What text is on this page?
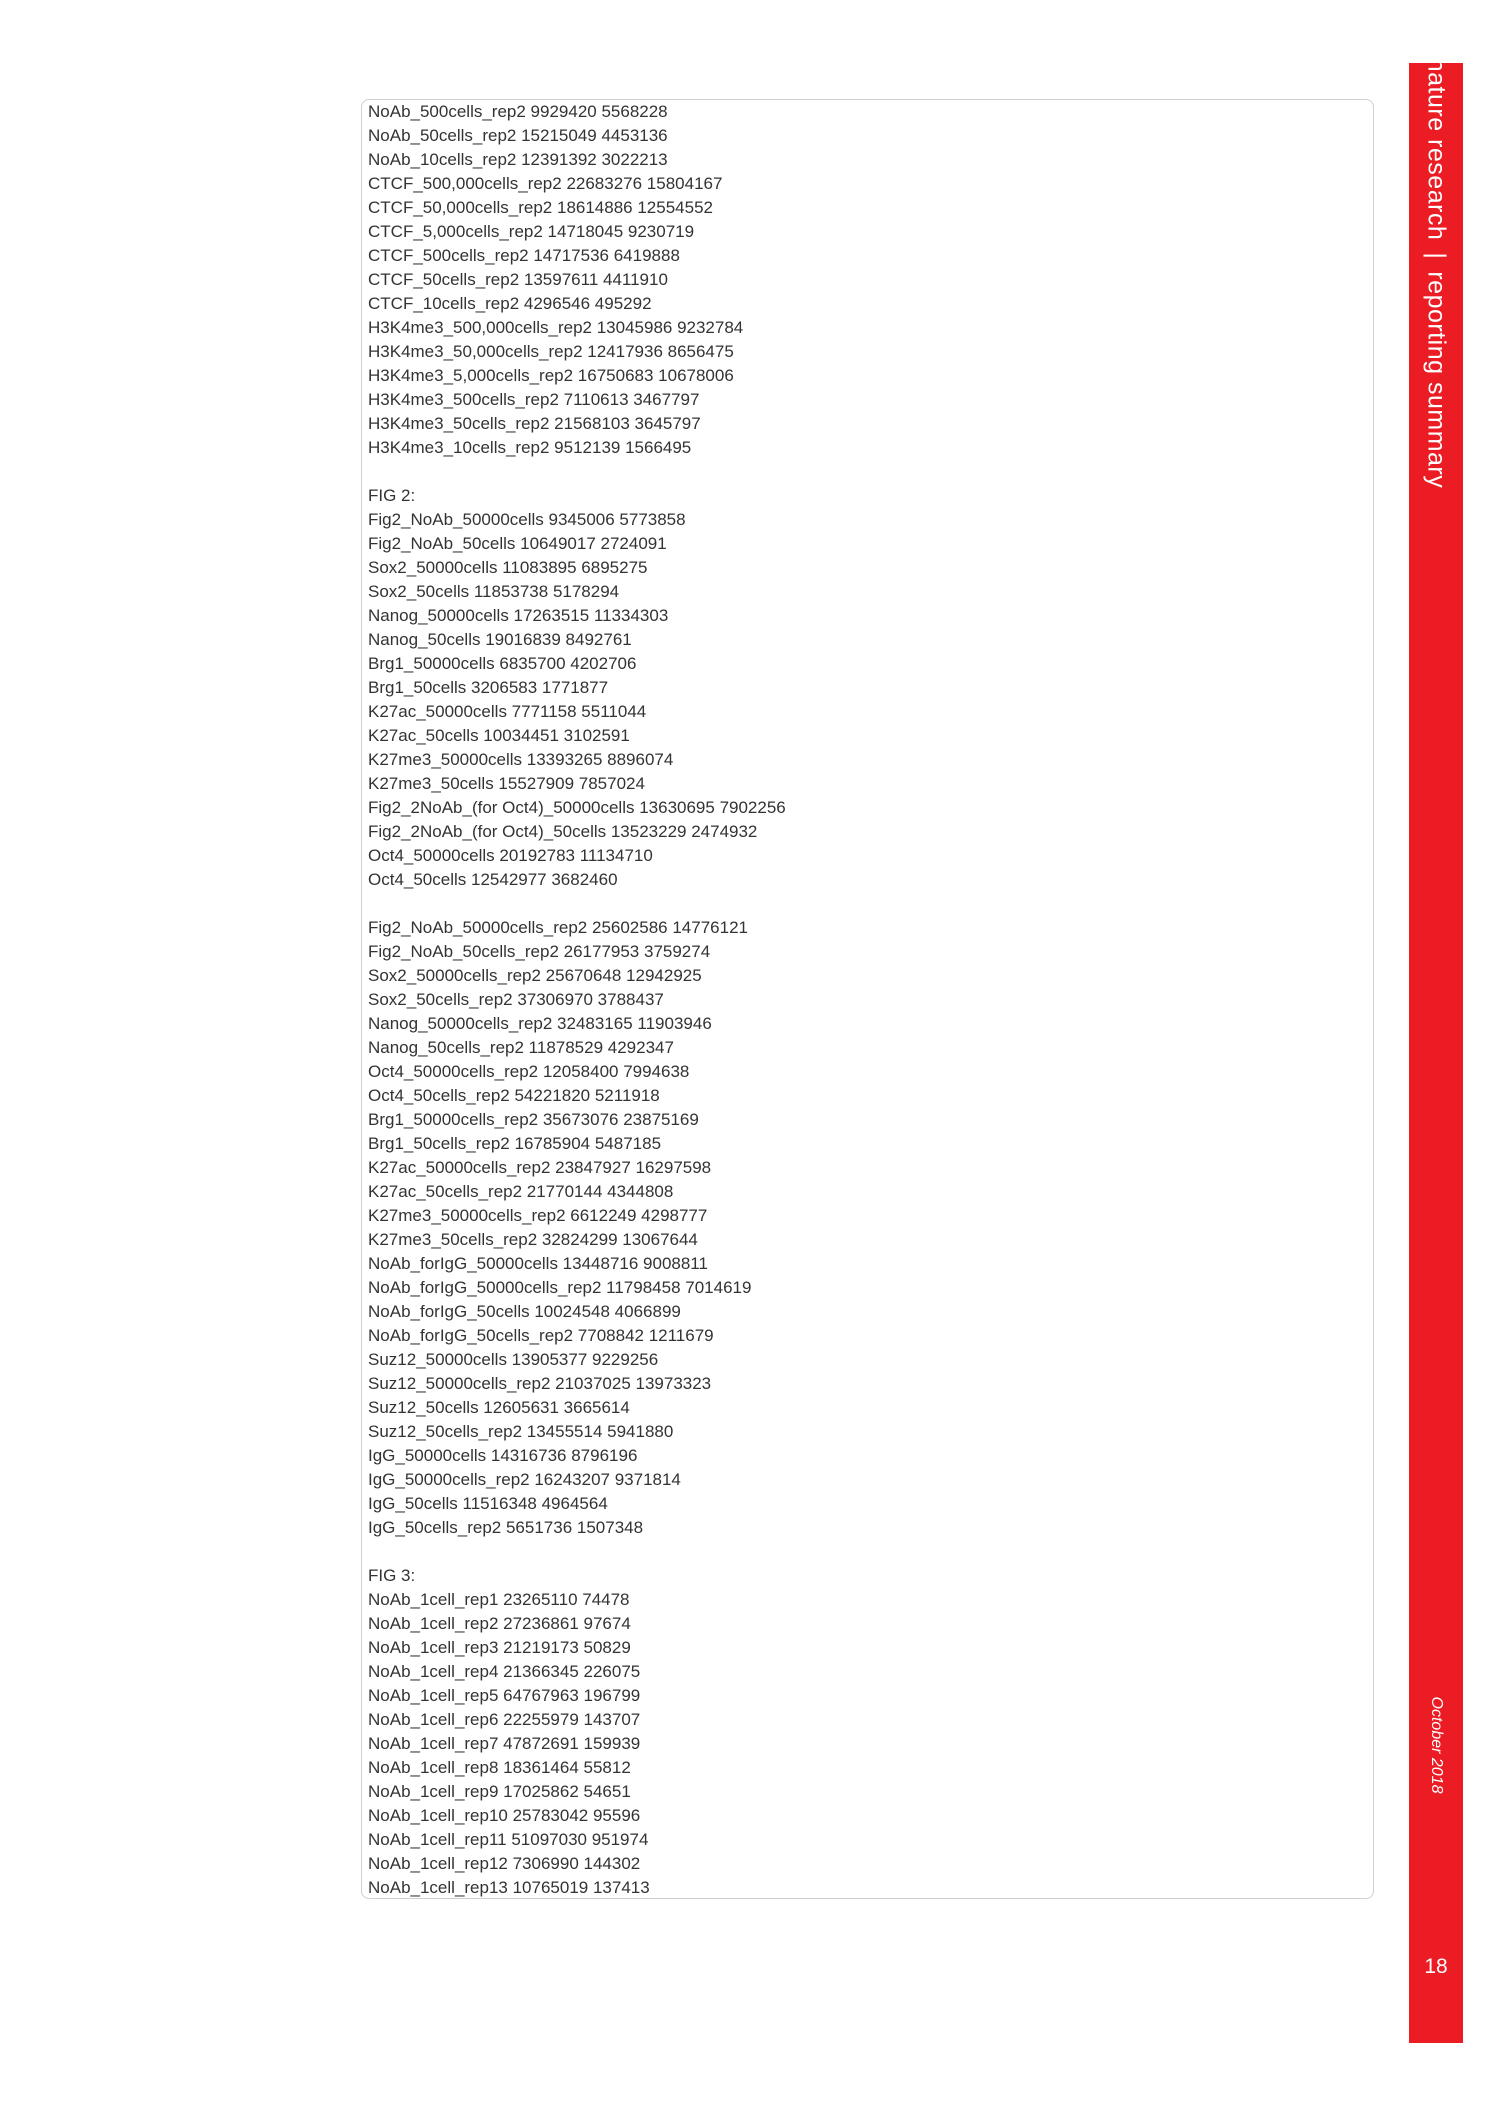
NoAb_500cells_rep2 9929420 5568228
NoAb_50cells_rep2 15215049 4453136
NoAb_10cells_rep2 12391392 3022213
CTCF_500,000cells_rep2 22683276 15804167
CTCF_50,000cells_rep2 18614886 12554552
CTCF_5,000cells_rep2 14718045 9230719
CTCF_500cells_rep2 14717536 6419888
CTCF_50cells_rep2 13597611 4411910
CTCF_10cells_rep2 4296546 495292
H3K4me3_500,000cells_rep2 13045986 9232784
H3K4me3_50,000cells_rep2 12417936 8656475
H3K4me3_5,000cells_rep2 16750683 10678006
H3K4me3_500cells_rep2 7110613 3467797
H3K4me3_50cells_rep2 21568103 3645797
H3K4me3_10cells_rep2 9512139 1566495
FIG 2:
Fig2_NoAb_50000cells 9345006 5773858
Fig2_NoAb_50cells 10649017 2724091
Sox2_50000cells 11083895 6895275
Sox2_50cells 11853738 5178294
Nanog_50000cells 17263515 11334303
Nanog_50cells 19016839 8492761
Brg1_50000cells 6835700 4202706
Brg1_50cells 3206583 1771877
K27ac_50000cells 7771158 5511044
K27ac_50cells 10034451 3102591
K27me3_50000cells 13393265 8896074
K27me3_50cells 15527909 7857024
Fig2_2NoAb_(for Oct4)_50000cells 13630695 7902256
Fig2_2NoAb_(for Oct4)_50cells 13523229 2474932
Oct4_50000cells 20192783 11134710
Oct4_50cells 12542977 3682460
Fig2_NoAb_50000cells_rep2 25602586 14776121
Fig2_NoAb_50cells_rep2 26177953 3759274
Sox2_50000cells_rep2 25670648 12942925
Sox2_50cells_rep2 37306970 3788437
Nanog_50000cells_rep2 32483165 11903946
Nanog_50cells_rep2 11878529 4292347
Oct4_50000cells_rep2 12058400 7994638
Oct4_50cells_rep2 54221820 5211918
Brg1_50000cells_rep2 35673076 23875169
Brg1_50cells_rep2 16785904 5487185
K27ac_50000cells_rep2 23847927 16297598
K27ac_50cells_rep2 21770144 4344808
K27me3_50000cells_rep2 6612249 4298777
K27me3_50cells_rep2 32824299 13067644
NoAb_forIgG_50000cells 13448716 9008811
NoAb_forIgG_50000cells_rep2 11798458 7014619
NoAb_forIgG_50cells 10024548 4066899
NoAb_forIgG_50cells_rep2 7708842 1211679
Suz12_50000cells 13905377 9229256
Suz12_50000cells_rep2 21037025 13973323
Suz12_50cells 12605631 3665614
Suz12_50cells_rep2 13455514 5941880
IgG_50000cells 14316736 8796196
IgG_50000cells_rep2 16243207 9371814
IgG_50cells 11516348 4964564
IgG_50cells_rep2 5651736 1507348
FIG 3:
NoAb_1cell_rep1 23265110 74478
NoAb_1cell_rep2 27236861 97674
NoAb_1cell_rep3 21219173 50829
NoAb_1cell_rep4 21366345 226075
NoAb_1cell_rep5 64767963 196799
NoAb_1cell_rep6 22255979 143707
NoAb_1cell_rep7 47872691 159939
NoAb_1cell_rep8 18361464 55812
NoAb_1cell_rep9 17025862 54651
NoAb_1cell_rep10 25783042 95596
NoAb_1cell_rep11 51097030 951974
NoAb_1cell_rep12 7306990 144302
NoAb_1cell_rep13 10765019 137413
nature research|reporting summary
October 2018
18
